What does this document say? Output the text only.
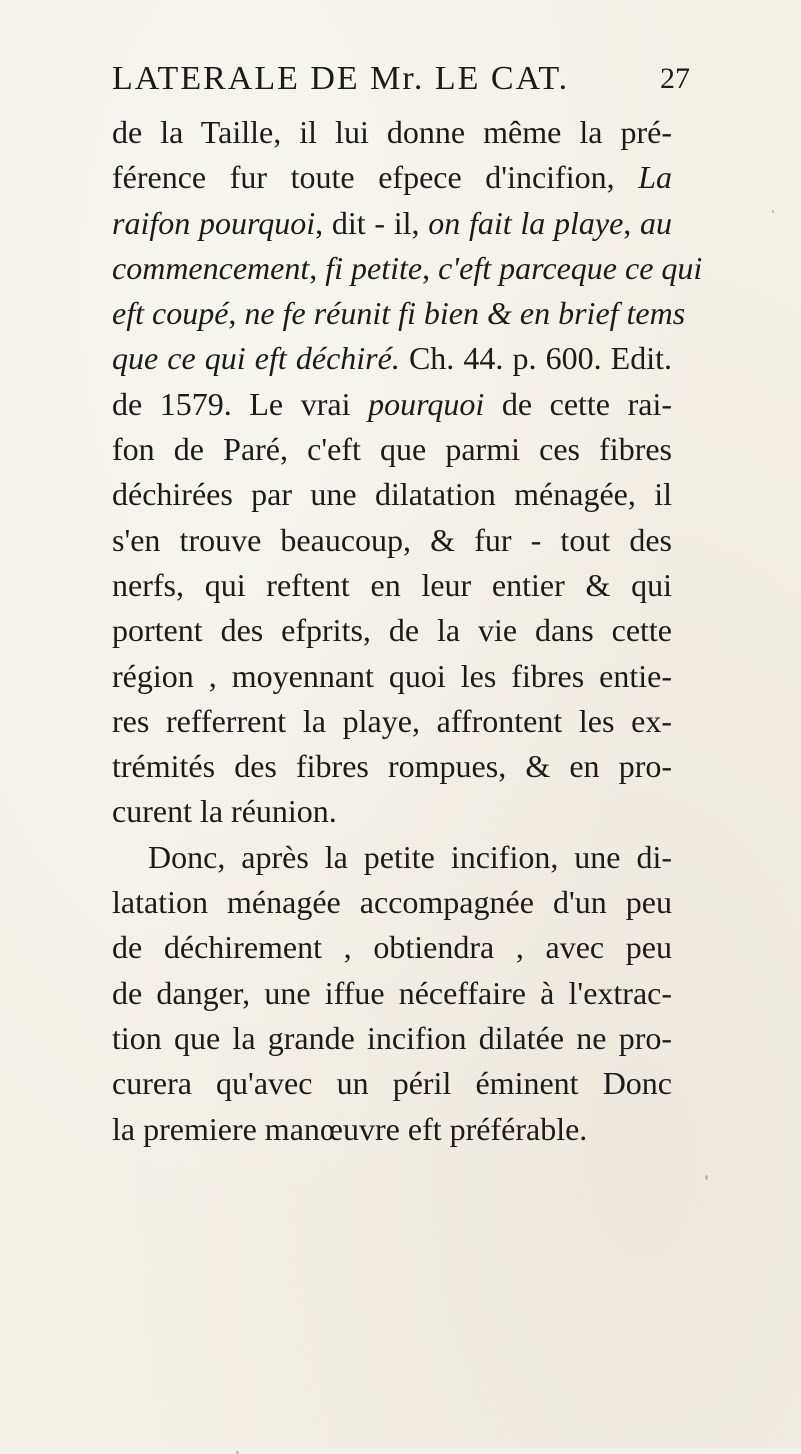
LATERALE DE Mr. LE CAT.	27
de la Taille, il lui donne même la pré-
férence fur toute efpece d'incifion, La
raifon pourquoi, dit - il, on fait la playe, au
commencement, fi petite, c'eft parceque ce qui
eft coupé, ne fe réunit fi bien & en brief tems
que ce qui eft déchiré. Ch. 44. p. 600. Edit.
de 1579. Le vrai pourquoi de cette rai-
fon de Paré, c'eft que parmi ces fibres
déchirées par une dilatation ménagée, il
s'en trouve beaucoup, & fur - tout des
nerfs, qui reftent en leur entier & qui
portent des efprits, de la vie dans cette
région , moyennant quoi les fibres entie-
res refferrent la playe, affrontent les ex-
trémités des fibres rompues, & en pro-
curent la réunion.
Donc, après la petite incifion, une di-
latation ménagée accompagnée d'un peu
de déchirement , obtiendra , avec peu
de danger, une iffue néceffaire à l'extrac-
tion que la grande incifion dilatée ne pro-
curera qu'avec un péril éminent Donc
la premiere manœuvre eft préférable.
